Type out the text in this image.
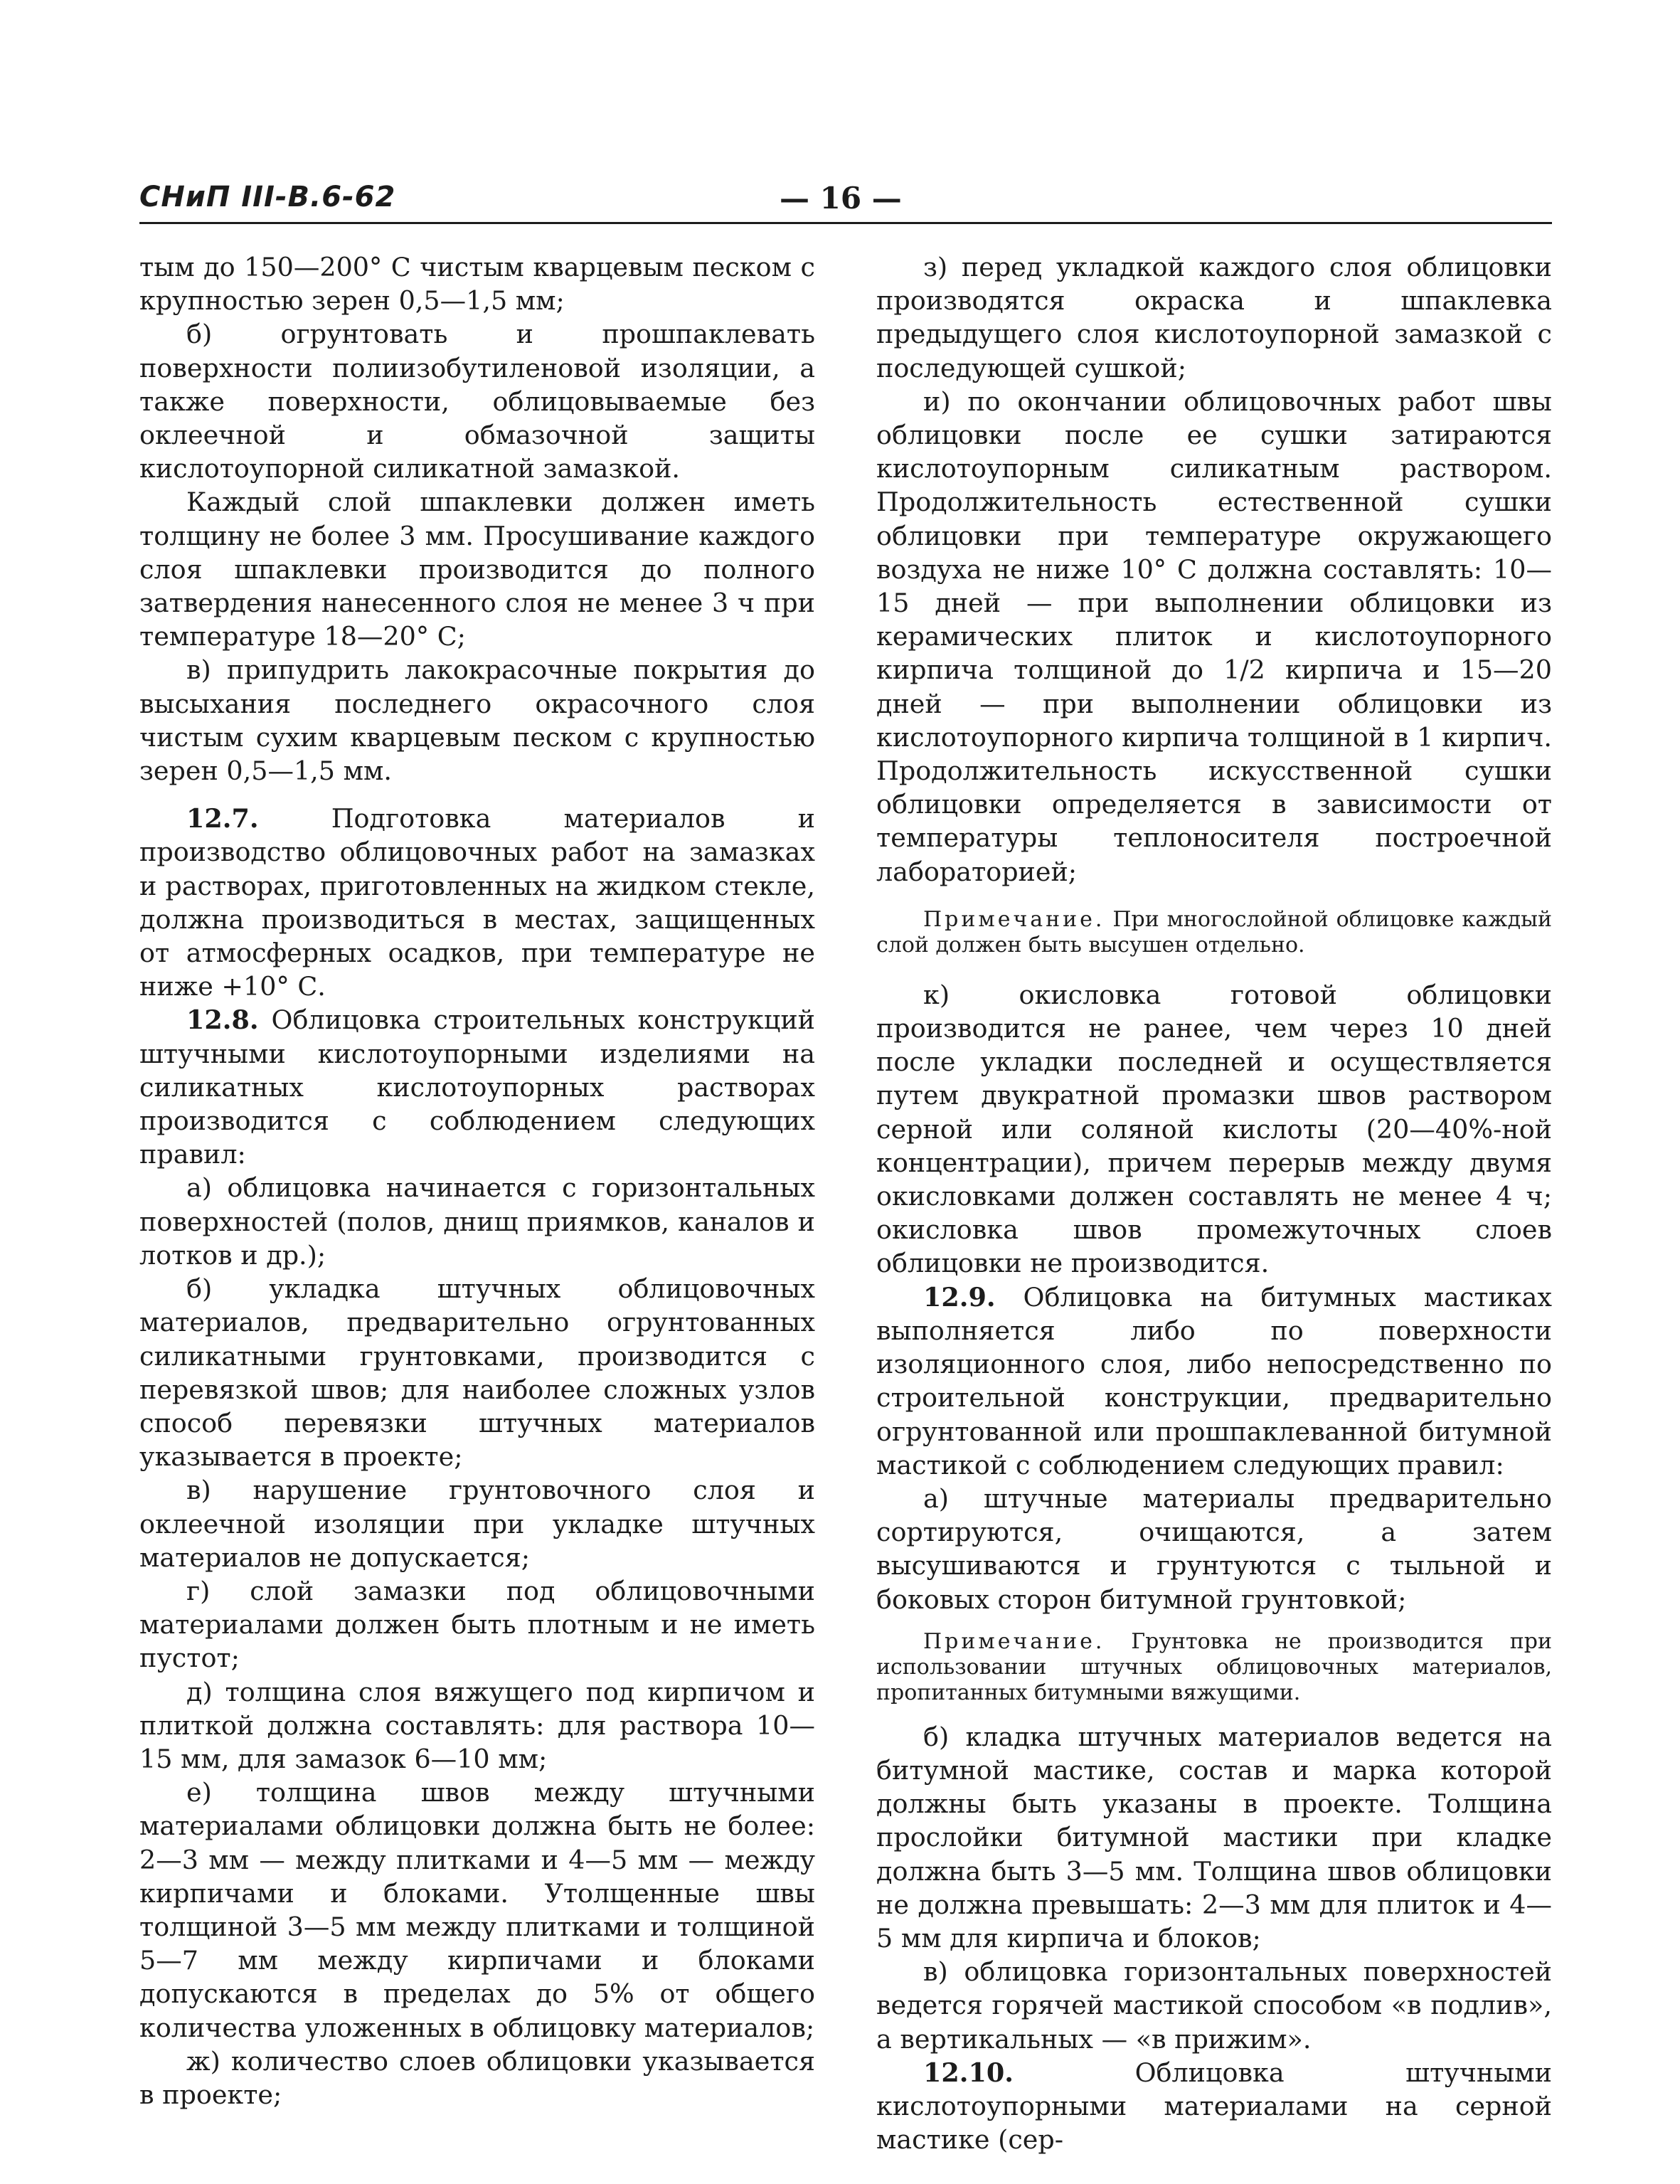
СНиП III-В.6-62	— 16 —

тым до 150—200° С чистым кварцевым песком с крупностью зерен 0,5—1,5 мм;

б) огрунтовать и прошпаклевать поверхности полиизобутиленовой изоляции, а также поверхности, облицовываемые без оклеечной и обмазочной защиты кислотоупорной силикатной замазкой.

Каждый слой шпаклевки должен иметь толщину не более 3 мм. Просушивание каждого слоя шпаклевки производится до полного затвердения нанесенного слоя не менее 3 ч при температуре 18—20° С;

в) припудрить лакокрасочные покрытия до высыхания последнего окрасочного слоя чистым сухим кварцевым песком с крупностью зерен 0,5—1,5 мм.

12.7. Подготовка материалов и производство облицовочных работ на замазках и растворах, приготовленных на жидком стекле, должна производиться в местах, защищенных от атмосферных осадков, при температуре не ниже +10° С.

12.8. Облицовка строительных конструкций штучными кислотоупорными изделиями на силикатных кислотоупорных растворах производится с соблюдением следующих правил:

а) облицовка начинается с горизонтальных поверхностей (полов, днищ приямков, каналов и лотков и др.);

б) укладка штучных облицовочных материалов, предварительно огрунтованных силикатными грунтовками, производится с перевязкой швов; для наиболее сложных узлов способ перевязки штучных материалов указывается в проекте;

в) нарушение грунтовочного слоя и оклеечной изоляции при укладке штучных материалов не допускается;

г) слой замазки под облицовочными материалами должен быть плотным и не иметь пустот;

д) толщина слоя вяжущего под кирпичом и плиткой должна составлять: для раствора 10—15 мм, для замазок 6—10 мм;

е) толщина швов между штучными материалами облицовки должна быть не более: 2—3 мм — между плитками и 4—5 мм — между кирпичами и блоками. Утолщенные швы толщиной 3—5 мм между плитками и толщиной 5—7 мм между кирпичами и блоками допускаются в пределах до 5% от общего количества уложенных в облицовку материалов;

ж) количество слоев облицовки указывается в проекте;

з) перед укладкой каждого слоя облицовки производятся окраска и шпаклевка предыдущего слоя кислотоупорной замазкой с последующей сушкой;

и) по окончании облицовочных работ швы облицовки после ее сушки затираются кислотоупорным силикатным раствором. Продолжительность естественной сушки облицовки при температуре окружающего воздуха не ниже 10° С должна составлять: 10—15 дней — при выполнении облицовки из керамических плиток и кислотоупорного кирпича толщиной до 1/2 кирпича и 15—20 дней — при выполнении облицовки из кислотоупорного кирпича толщиной в 1 кирпич. Продолжительность искусственной сушки облицовки определяется в зависимости от температуры теплоносителя построечной лабораторией;

Примечание. При многослойной облицовке каждый слой должен быть высушен отдельно.

к) окисловка готовой облицовки производится не ранее, чем через 10 дней после укладки последней и осуществляется путем двукратной промазки швов раствором серной или соляной кислоты (20—40%-ной концентрации), причем перерыв между двумя окисловками должен составлять не менее 4 ч; окисловка швов промежуточных слоев облицовки не производится.

12.9. Облицовка на битумных мастиках выполняется либо по поверхности изоляционного слоя, либо непосредственно по строительной конструкции, предварительно огрунтованной или прошпаклеванной битумной мастикой с соблюдением следующих правил:

а) штучные материалы предварительно сортируются, очищаются, а затем высушиваются и грунтуются с тыльной и боковых сторон битумной грунтовкой;

Примечание. Грунтовка не производится при использовании штучных облицовочных материалов, пропитанных битумными вяжущими.

б) кладка штучных материалов ведется на битумной мастике, состав и марка которой должны быть указаны в проекте. Толщина прослойки битумной мастики при кладке должна быть 3—5 мм. Толщина швов облицовки не должна превышать: 2—3 мм для плиток и 4—5 мм для кирпича и блоков;

в) облицовка горизонтальных поверхностей ведется горячей мастикой способом «в подлив», а вертикальных — «в прижим».

12.10. Облицовка штучными кислотоупорными материалами на серной мастике (сер-
